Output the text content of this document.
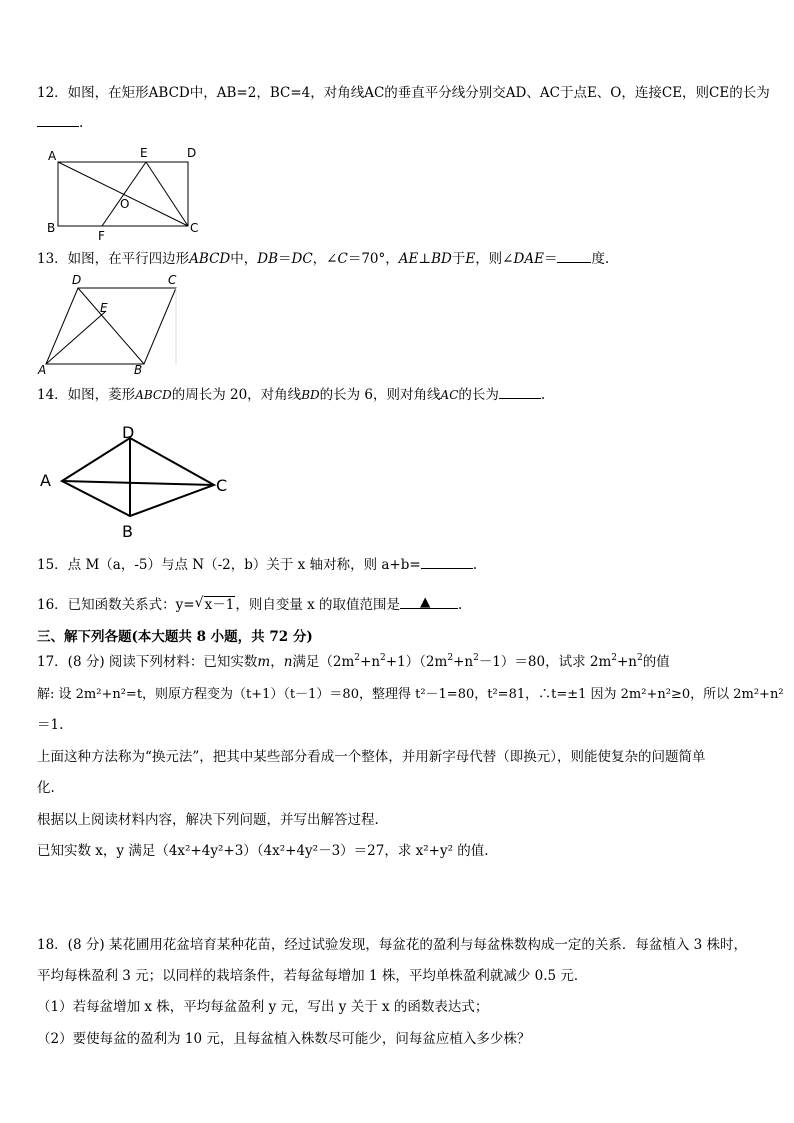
12．如图，在矩形ABCD中，AB=2，BC=4，对角线AC的垂直平分线分别交AD、AC于点E、O，连接CE，则CE的长为
.
A	E	D
O
B
F
C
13．如图，在平行四边形ABCD中，DB＝DC，∠C＝70°，AE⊥BD于E，则∠DAE＝	度.
D	C
E
A	B
14．如图，菱形ABCD的周长为 20，对角线BD的长为 6，则对角线AC的长为	.
D
A	C
B
15．点 M（a，-5）与点 N（-2，b）关于 x 轴对称，则 a+b=	.
16．已知函数关系式：y= √ x－1，则自变量 x 的取值范围是 ▲ .
三、解下列各题(本大题共 8 小题，共 72 分)
17．(8 分) 阅读下列材料：已知实数m，n满足$(2m^2+n^2+1)(2m^2+n^2-1)=80$，试求 $2m^2+n^2$的值
解: 设 2m²+n²=t，则原方程变为（t+1）（t－1）＝80，整理得 t²－1=80，t²=81，∴t=±1 因为 2m²+n²≥0，所以 2m²+n²
＝1.
上面这种方法称为“换元法”，把其中某些部分看成一个整体，并用新字母代替（即换元），则能使复杂的问题简单
化.
根据以上阅读材料内容，解决下列问题，并写出解答过程.
已知实数 x，y 满足（4x²+4y²+3）（4x²+4y²－3）＝27，求 x²+y² 的值.
18．(8 分) 某花圃用花盆培育某种花苗，经过试验发现，每盆花的盈利与每盆株数构成一定的关系．每盆植入 3 株时，
平均每株盈利 3 元；以同样的栽培条件，若每盆每增加 1 株，平均单株盈利就减少 0.5 元．
（1）若每盆增加 x 株，平均每盆盈利 y 元，写出 y 关于 x 的函数表达式；
（2）要使每盆的盈利为 10 元，且每盆植入株数尽可能少，问每盆应植入多少株？
